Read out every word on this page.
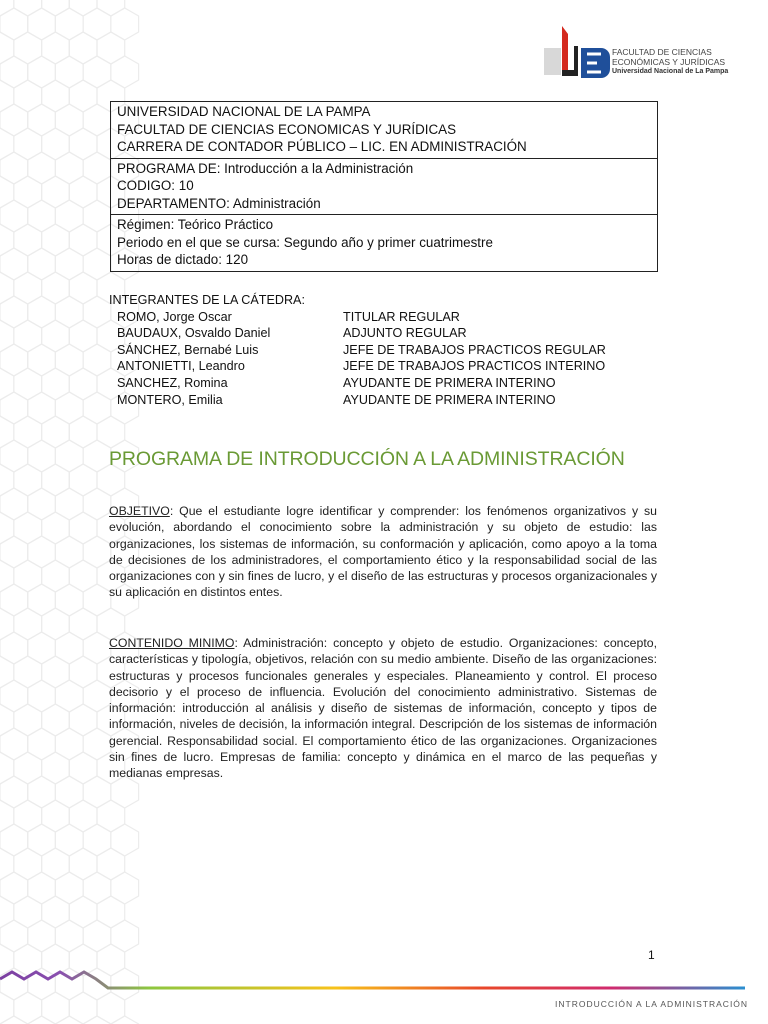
FACULTAD DE CIENCIAS
ECONÓMICAS Y JURÍDICAS
Universidad Nacional de La Pampa
UNIVERSIDAD NACIONAL DE LA PAMPA
FACULTAD DE CIENCIAS ECONOMICAS Y JURÍDICAS
CARRERA DE CONTADOR PÚBLICO – LIC. EN ADMINISTRACIÓN
PROGRAMA DE: Introducción a la Administración
CODIGO: 10
DEPARTAMENTO: Administración
Régimen: Teórico Práctico
Periodo en el que se cursa: Segundo año y primer cuatrimestre
Horas de dictado: 120
INTEGRANTES DE LA CÁTEDRA:
ROMO, Jorge Oscar	TITULAR REGULAR
BAUDAUX, Osvaldo Daniel	ADJUNTO REGULAR
SÁNCHEZ, Bernabé Luis	JEFE DE TRABAJOS PRACTICOS REGULAR
ANTONIETTI, Leandro	JEFE DE TRABAJOS PRACTICOS INTERINO
SANCHEZ, Romina	AYUDANTE DE PRIMERA INTERINO
MONTERO, Emilia	AYUDANTE DE PRIMERA INTERINO
PROGRAMA DE INTRODUCCIÓN A LA ADMINISTRACIÓN
OBJETIVO: Que el estudiante logre identificar y comprender: los fenómenos organizativos y su evolución, abordando el conocimiento sobre la administración y su objeto de estudio: las organizaciones, los sistemas de información, su conformación y aplicación, como apoyo a la toma de decisiones de los administradores, el comportamiento ético y la responsabilidad social de las organizaciones con y sin fines de lucro, y el diseño de las estructuras y procesos organizacionales y su aplicación en distintos entes.
CONTENIDO MINIMO: Administración: concepto y objeto de estudio. Organizaciones: concepto, características y tipología, objetivos, relación con su medio ambiente. Diseño de las organizaciones: estructuras y procesos funcionales generales y especiales. Planeamiento y control. El proceso decisorio y el proceso de influencia. Evolución del conocimiento administrativo. Sistemas de información: introducción al análisis y diseño de sistemas de información, concepto y tipos de información, niveles de decisión, la información integral. Descripción de los sistemas de información gerencial. Responsabilidad social. El comportamiento ético de las organizaciones. Organizaciones sin fines de lucro. Empresas de familia: concepto y dinámica en el marco de las pequeñas y medianas empresas.
1
INTRODUCCIÓN A LA ADMINISTRACIÓN
